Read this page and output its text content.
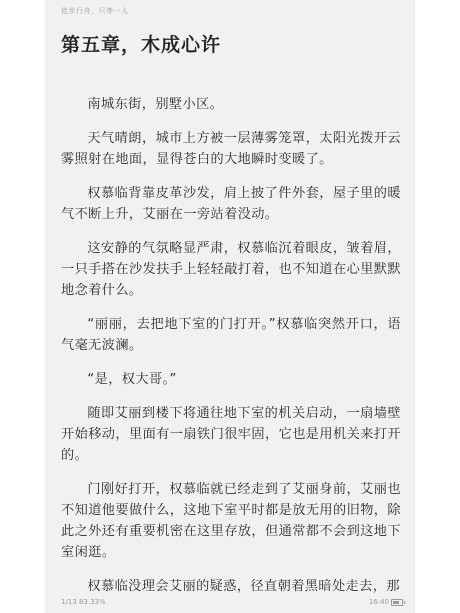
徒步行舟，只等一人
第五章，木成心许

南城东街，别墅小区。

天气晴朗，城市上方被一层薄雾笼罩，太阳光拨开云雾照射在地面，显得苍白的大地瞬时变暖了。

权慕临背靠皮革沙发，肩上披了件外套，屋子里的暖气不断上升，艾丽在一旁站着没动。

这安静的气氛略显严肃，权慕临沉着眼皮，皱着眉，一只手搭在沙发扶手上轻轻敲打着，也不知道在心里默默地念着什么。

“丽丽，去把地下室的门打开。”权慕临突然开口，语气毫无波澜。

“是，权大哥。”

随即艾丽到楼下将通往地下室的机关启动，一扇墙壁开始移动，里面有一扇铁门很牢固，它也是用机关来打开的。

门刚好打开，权慕临就已经走到了艾丽身前，艾丽也不知道他要做什么，这地下室平时都是放无用的旧物，除此之外还有重要机密在这里存放，但通常都不会到这地下室闲逛。

权慕临没理会艾丽的疑惑，径直朝着黑暗处走去，那

1/13 83.33%	16:40
